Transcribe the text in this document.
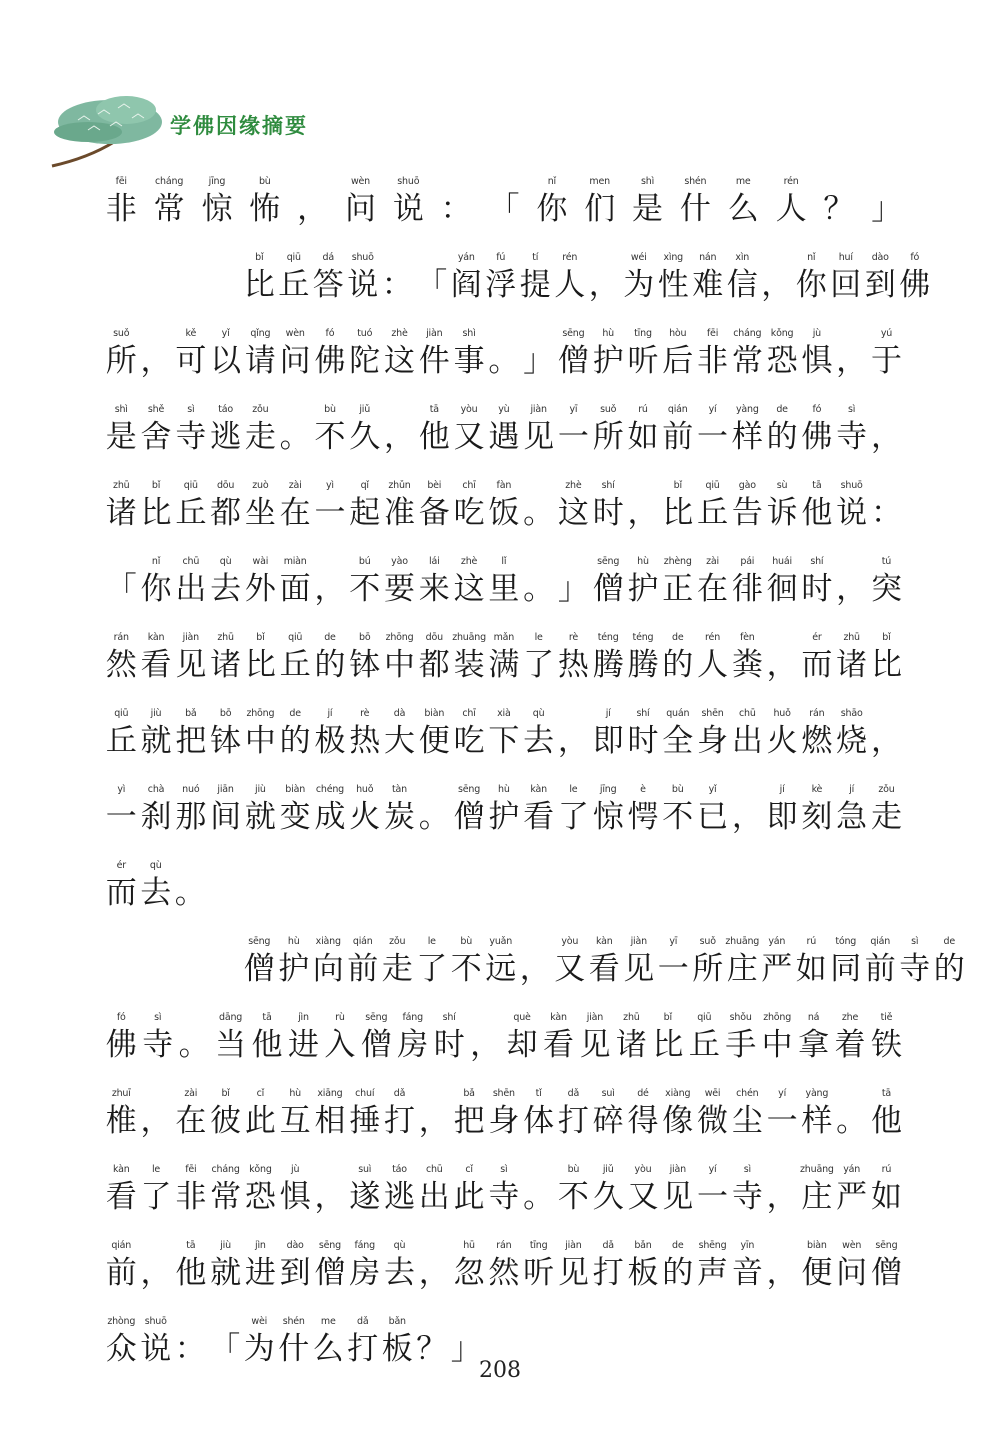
学佛因缘摘要
fēi
非
cháng
常
jīng
惊
bù
怖 ，
wèn
问
shuō
说 ： 「
nǐ
你
men
们
shì
是
shén
什
me
么
rén
人 ？ 」
bǐ
比
qiū
丘
dá
答
shuō
说 ： 「
yán
阎
fú
浮
tí
提
rén
人 ，
wéi
为
xìng
性
nán
难
xìn
信 ，
nǐ
你
huí
回
dào
到
fó
佛
suǒ
所 ，
kě
可
yǐ
以
qǐng
请
wèn
问
fó
佛
tuó
陀
zhè
这
jiàn
件
shì
事 。 」
sēng
僧
hù
护
tīng
听
hòu
后
fēi
非
cháng
常
kǒng
恐
jù
惧 ，
yú
于
shì
是
shě
舍
sì
寺
táo
逃
zǒu
走 。
bù
不
jiǔ
久 ，
tā
他
yòu
又
yù
遇
jiàn
见
yī
一
suǒ
所
rú
如
qián
前
yí
一
yàng
样
de
的
fó
佛
sì
寺 ，
zhū
诸
bǐ
比
qiū
丘
dōu
都
zuò
坐
zài
在
yì
一
qǐ
起
zhǔn
准
bèi
备
chī
吃
fàn
饭 。
zhè
这
shí
时 ，
bǐ
比
qiū
丘
gào
告
sù
诉
tā
他
shuō
说 ：
「
nǐ
你
chū
出
qù
去
wài
外
miàn
面 ，
bú
不
yào
要
lái
来
zhè
这
lǐ
里 。 」
sēng
僧
hù
护
zhèng
正
zài
在
pái
徘
huái
徊
shí
时 ，
tú
突
rán
然
kàn
看
jiàn
见
zhū
诸
bǐ
比
qiū
丘
de
的
bō
钵
zhōng
中
dōu
都
zhuāng
装
mǎn
满
le
了
rè
热
téng
腾
téng
腾
de
的
rén
人
fèn
粪 ，
ér
而
zhū
诸
bǐ
比
qiū
丘
jiù
就
bǎ
把
bō
钵
zhōng
中
de
的
jí
极
rè
热
dà
大
biàn
便
chī
吃
xià
下
qù
去 ，
jí
即
shí
时
quán
全
shēn
身
chū
出
huǒ
火
rán
燃
shāo
烧 ，
yì
一
chà
刹
nuó
那
jiān
间
jiù
就
biàn
变
chéng
成
huǒ
火
tàn
炭 。
sēng
僧
hù
护
kàn
看
le
了
jīng
惊
è
愕
bù
不
yǐ
已 ，
jí
即
kè
刻
jí
急
zǒu
走
ér
而
qù
去 。
sēng
僧
hù
护
xiàng
向
qián
前
zǒu
走
le
了
bù
不
yuǎn
远 ，
yòu
又
kàn
看
jiàn
见
yī
一
suǒ
所
zhuāng
庄
yán
严
rú
如
tóng
同
qián
前
sì
寺
de
的
fó
佛
sì
寺 。
dāng
当
tā
他
jìn
进
rù
入
sēng
僧
fáng
房
shí
时 ，
què
却
kàn
看
jiàn
见
zhū
诸
bǐ
比
qiū
丘
shǒu
手
zhōng
中
ná
拿
zhe
着
tiě
铁
zhuī
椎 ，
zài
在
bǐ
彼
cǐ
此
hù
互
xiāng
相
chuí
捶
dǎ
打 ，
bǎ
把
shēn
身
tǐ
体
dǎ
打
suì
碎
dé
得
xiàng
像
wēi
微
chén
尘
yí
一
yàng
样 。
tā
他
kàn
看
le
了
fēi
非
cháng
常
kǒng
恐
jù
惧 ，
suì
遂
táo
逃
chū
出
cǐ
此
sì
寺 。
bù
不
jiǔ
久
yòu
又
jiàn
见
yí
一
sì
寺 ，
zhuāng
庄
yán
严
rú
如
qián
前 ，
tā
他
jiù
就
jìn
进
dào
到
sēng
僧
fáng
房
qù
去 ，
hū
忽
rán
然
tīng
听
jiàn
见
dǎ
打
bǎn
板
de
的
shēng
声
yīn
音 ，
biàn
便
wèn
问
sēng
僧
zhòng
众
shuō
说 ： 「
wèi
为
shén
什
me
么
dǎ
打
bǎn
板 ？ 」
208
